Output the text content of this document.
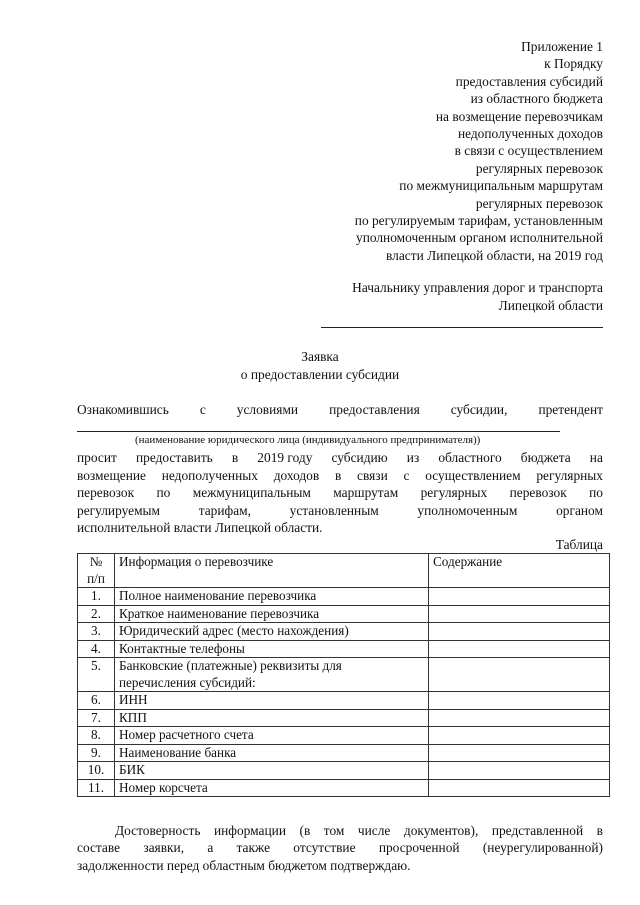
Приложение 1
к Порядку
предоставления субсидий
из областного бюджета
на возмещение перевозчикам
недополученных доходов
в связи с осуществлением
регулярных перевозок
по межмуниципальным маршрутам
регулярных перевозок
по регулируемым тарифам, установленным
уполномоченным органом исполнительной
власти Липецкой области, на 2019 год
Начальнику управления дорог и транспорта
Липецкой области
Заявка
о предоставлении субсидии
Ознакомившись с условиями предоставления субсидии, претендент
(наименование юридического лица (индивидуального предпринимателя))
просит предоставить в 2019 году субсидию из областного бюджета на
возмещение недополученных доходов в связи с осуществлением регулярных
перевозок по межмуниципальным маршрутам регулярных перевозок по
регулируемым	тарифам,	установленным	уполномоченным	органом
исполнительной власти Липецкой области.
Таблица
№
п/п	Информация о перевозчике	Содержание
1.	Полное наименование перевозчика	
2.	Краткое наименование перевозчика	
3.	Юридический адрес (место нахождения)	
4.	Контактные телефоны	
5.	Банковские (платежные) реквизиты для
перечисления субсидий:	

6.	ИНН	
7.	КПП	
8.	Номер расчетного счета	
9.	Наименование банка	
10.	БИК	
11.	Номер корсчета	
Достоверность информации (в том числе документов), представленной в
составе заявки, а также отсутствие просроченной (неурегулированной)
задолженности перед областным бюджетом подтверждаю.
